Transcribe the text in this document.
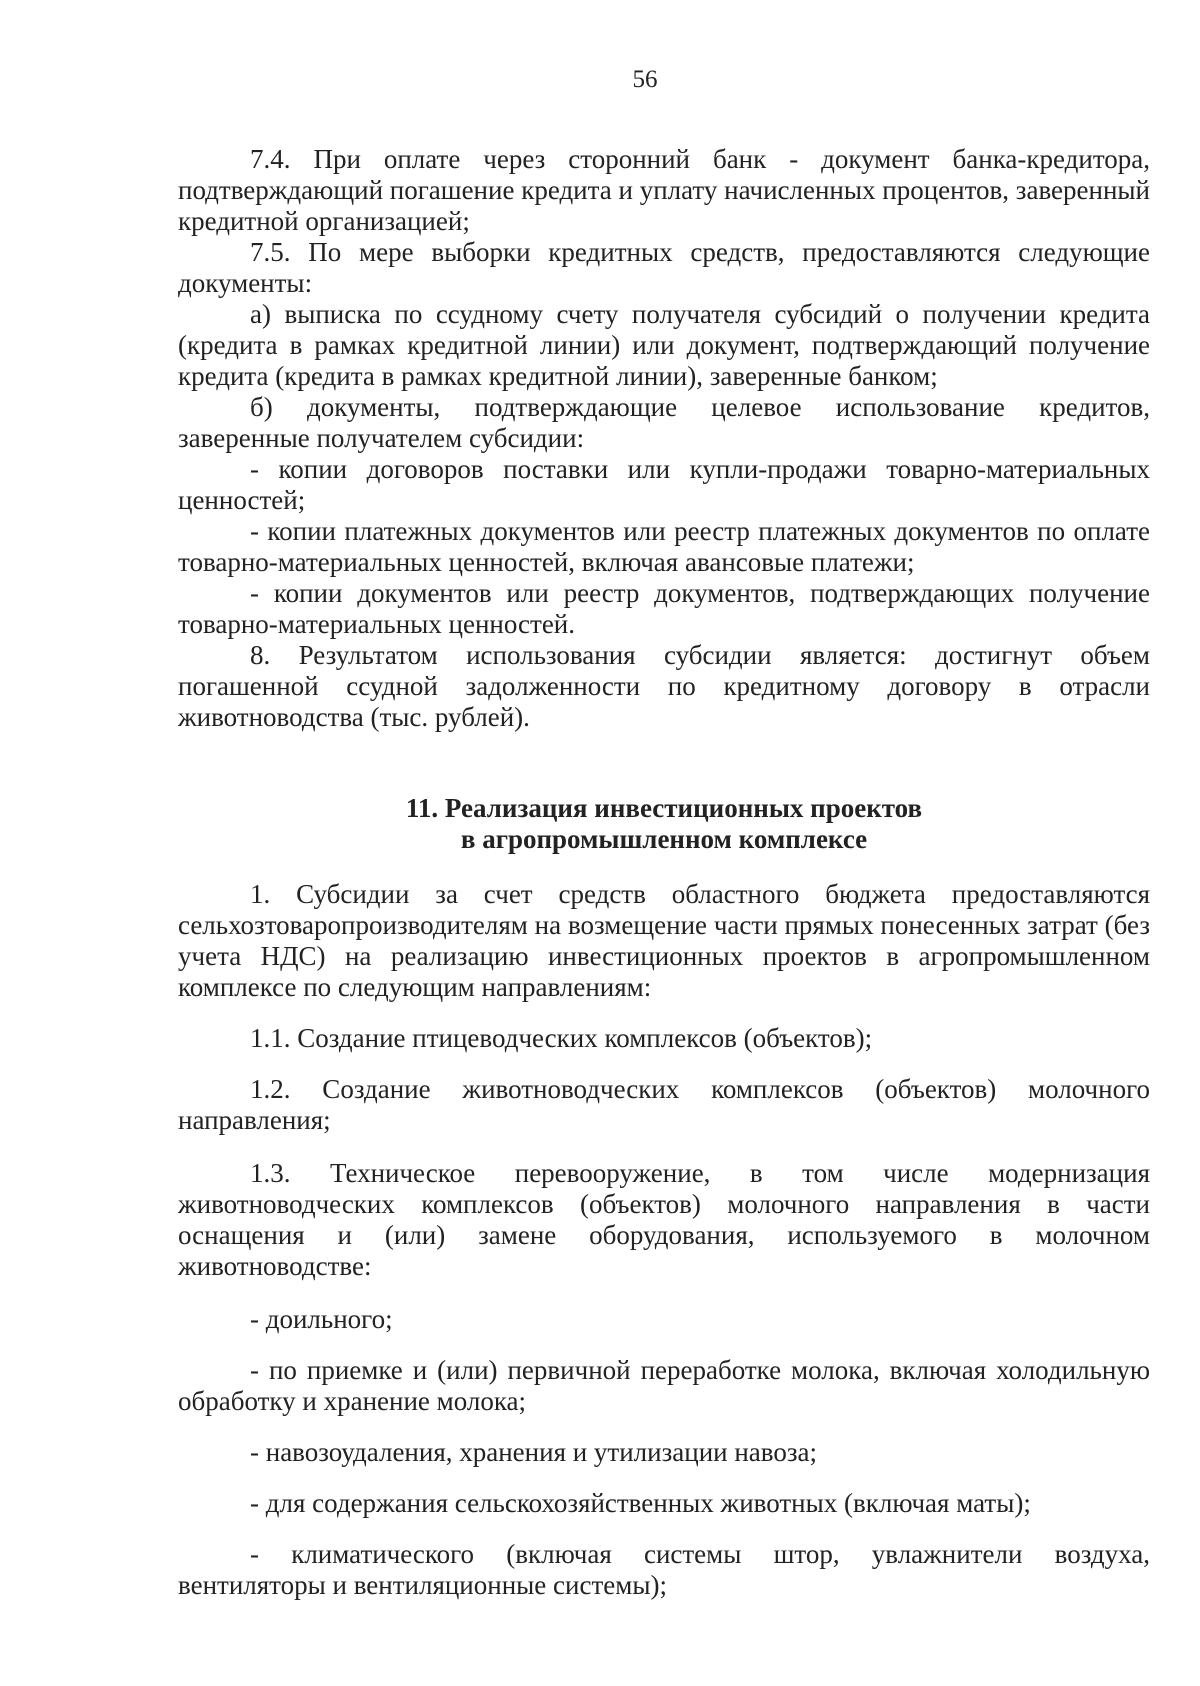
56

7.4. При оплате через сторонний банк - документ банка-кредитора, подтверждающий погашение кредита и уплату начисленных процентов, заверенный кредитной организацией;

7.5. По мере выборки кредитных средств, предоставляются следующие документы:

а) выписка по ссудному счету получателя субсидий о получении кредита (кредита в рамках кредитной линии) или документ, подтверждающий получение кредита (кредита в рамках кредитной линии), заверенные банком;

б) документы, подтверждающие целевое использование кредитов, заверенные получателем субсидии:

- копии договоров поставки или купли-продажи товарно-материальных ценностей;

- копии платежных документов или реестр платежных документов по оплате товарно-материальных ценностей, включая авансовые платежи;

- копии документов или реестр документов, подтверждающих получение товарно-материальных ценностей.

8. Результатом использования субсидии является: достигнут объем погашенной ссудной задолженности по кредитному договору в отрасли животноводства (тыс. рублей).

11. Реализация инвестиционных проектов
в агропромышленном комплексе

1. Субсидии за счет средств областного бюджета предоставляются сельхозтоваропроизводителям на возмещение части прямых понесенных затрат (без учета НДС) на реализацию инвестиционных проектов в агропромышленном комплексе по следующим направлениям:

1.1. Создание птицеводческих комплексов (объектов);

1.2. Создание животноводческих комплексов (объектов) молочного направления;

1.3. Техническое перевооружение, в том числе модернизация животноводческих комплексов (объектов) молочного направления в части оснащения и (или) замене оборудования, используемого в молочном животноводстве:

- доильного;

- по приемке и (или) первичной переработке молока, включая холодильную обработку и хранение молока;

- навозоудаления, хранения и утилизации навоза;

- для содержания сельскохозяйственных животных (включая маты);

- климатического (включая системы штор, увлажнители воздуха, вентиляторы и вентиляционные системы);
